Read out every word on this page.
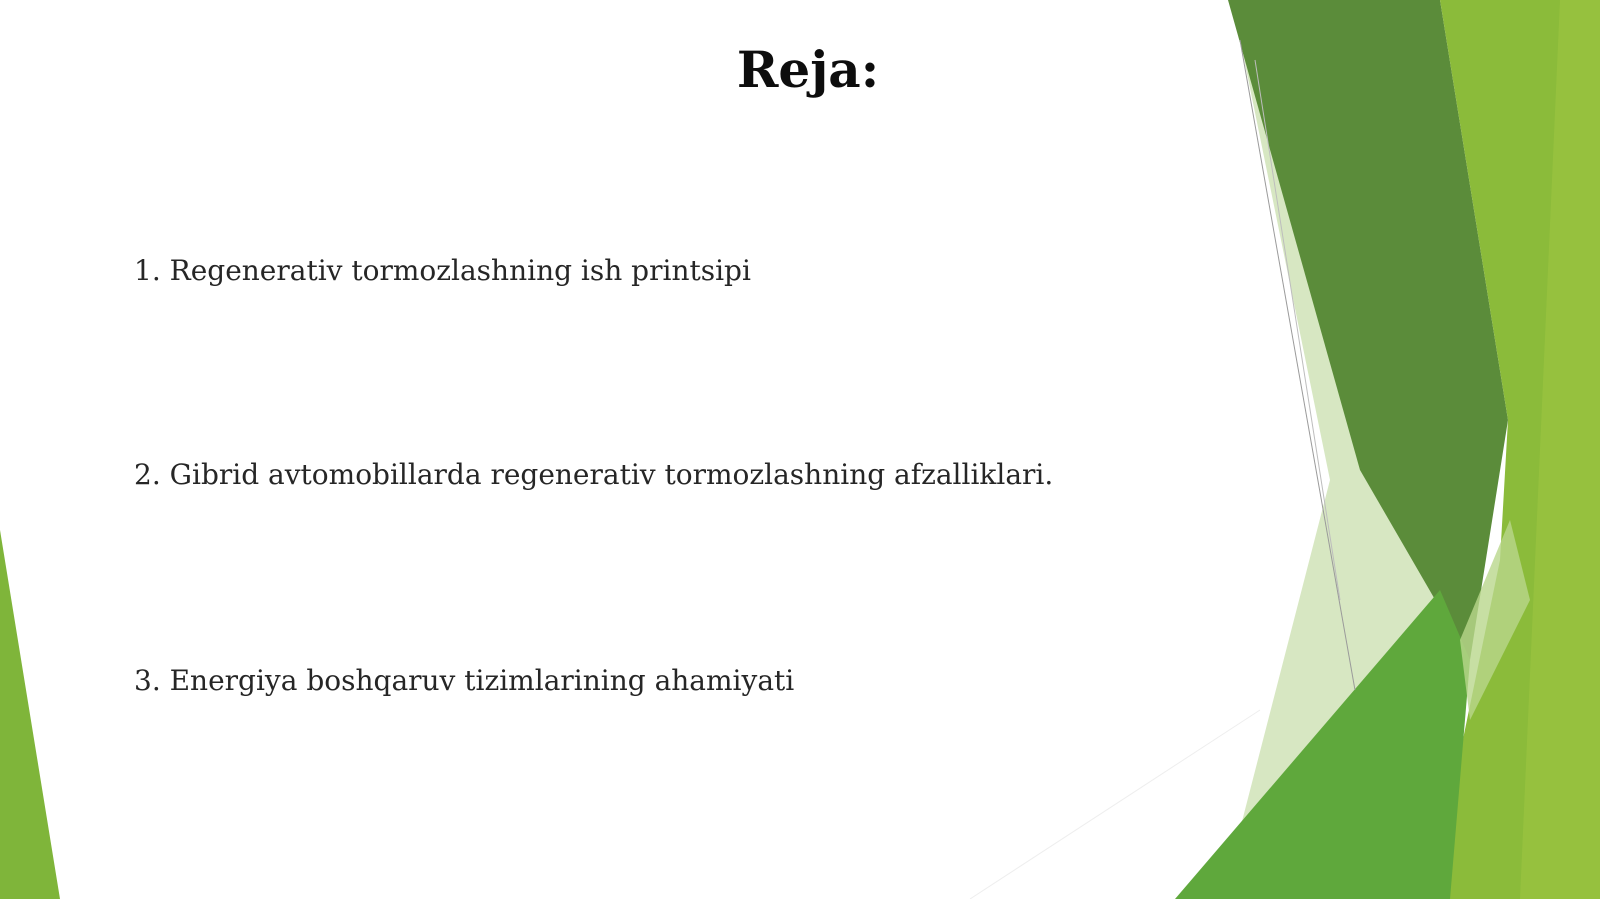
Reja:
1. Regenerativ tormozlashning ish printsipi
2. Gibrid avtomobillarda regenerativ tormozlashning afzalliklari.
3. Energiya boshqaruv tizimlarining ahamiyati
